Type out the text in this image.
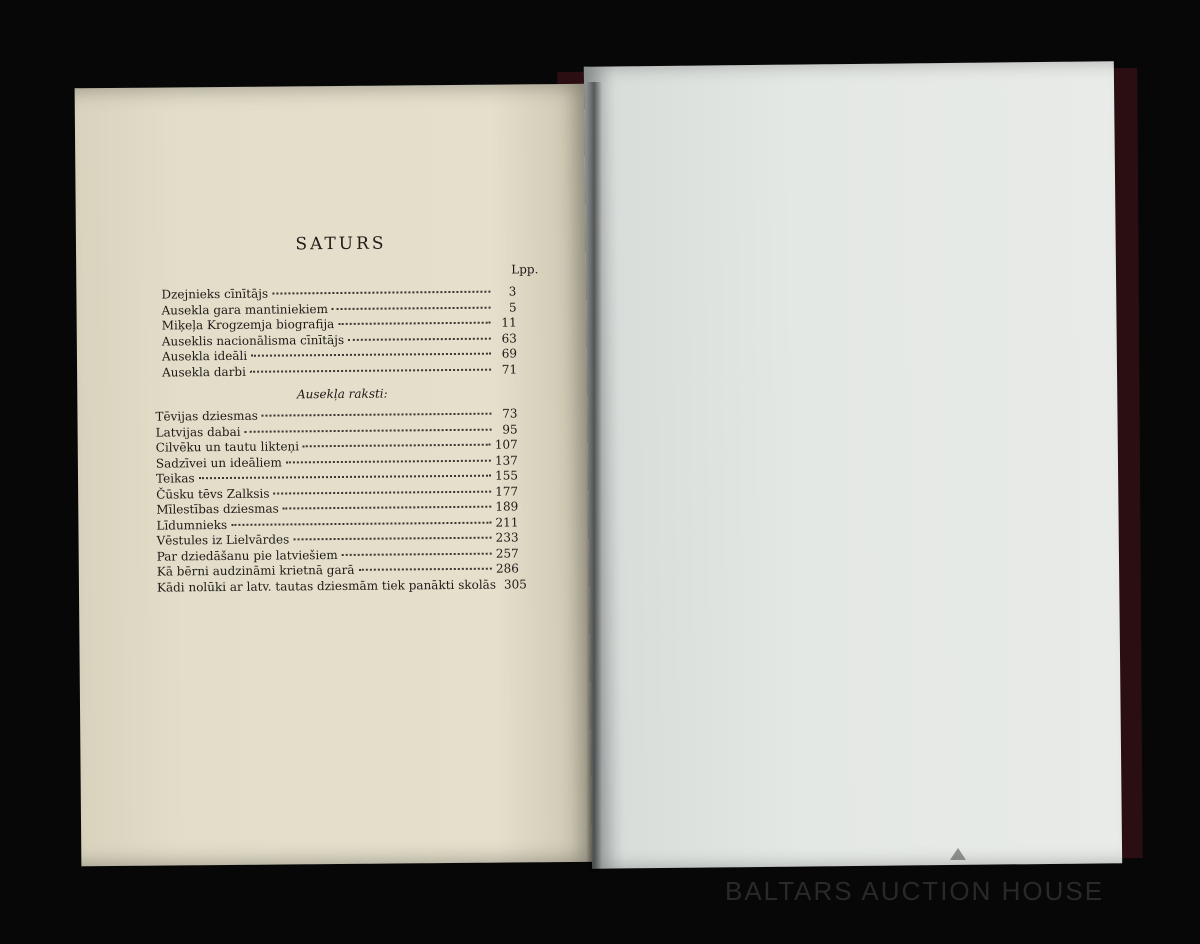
SATURS
Lpp.
Dzejnieks cīnītājs	3
Auseklа gara mantiniekiem	5
Miķeļa Krogzemja biografija	11
Auseklis nacionālisma cīnītājs	63
Auseklа ideāli	69
Auseklа darbi	71
Ausekļa raksti:
Tēvijas dziesmas	73
Latvijas dabai	95
Cilvēku un tautu likteņi	107
Sadzīvei un ideāliem	137
Teikas	155
Čūsku tēvs Zalksis	177
Mīlestības dziesmas	189
Līdumnieks	211
Vēstules iz Lielvārdes	233
Par dziedāšanu pie latviešiem	257
Kā bērni audzināmi krietnā garā	286
Kādi nolūki ar latv. tautas dziesmām tiek panākti skolās 305
BALTARS AUCTION HOUSE
